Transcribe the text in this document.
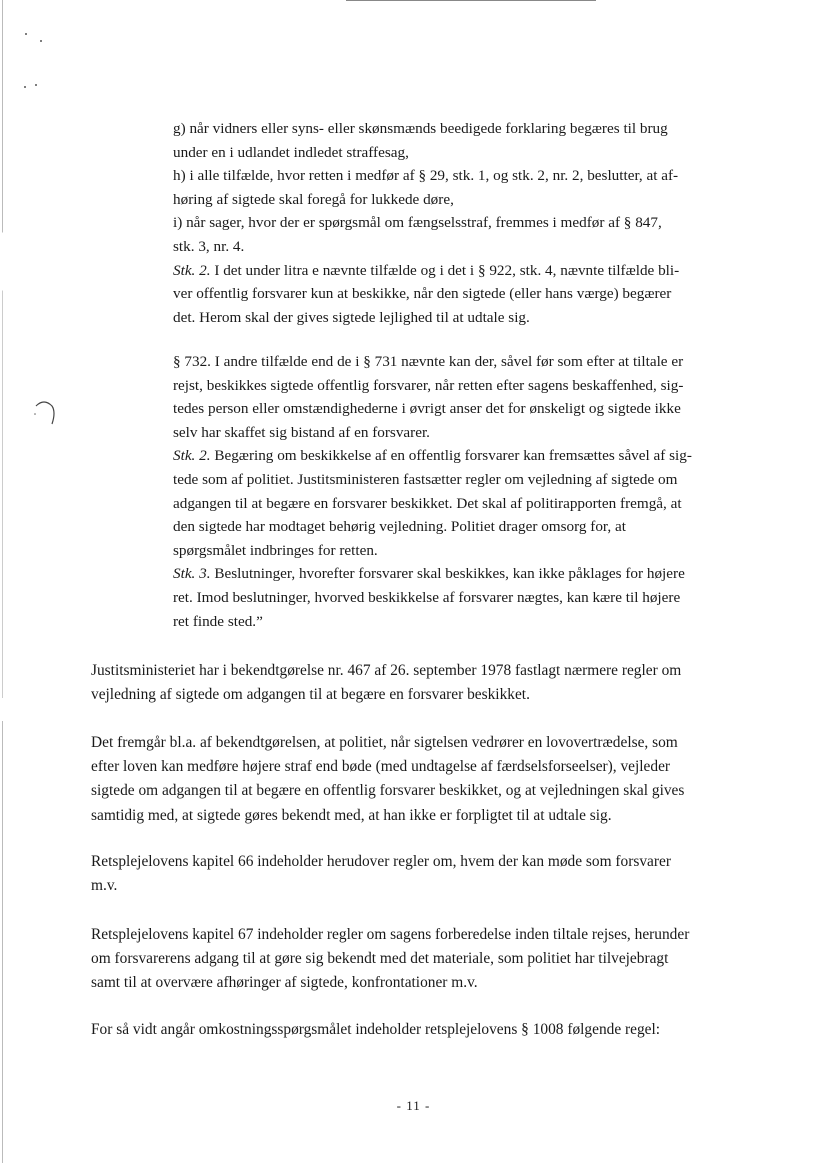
g) når vidners eller syns- eller skønsmænds beedigede forklaring begæres til brug
under en i udlandet indledet straffesag,

h) i alle tilfælde, hvor retten i medfør af § 29, stk. 1, og stk. 2, nr. 2, beslutter, at af-
høring af sigtede skal foregå for lukkede døre,

i) når sager, hvor der er spørgsmål om fængselsstraf, fremmes i medfør af § 847,
stk. 3, nr. 4.

Stk. 2. I det under litra e nævnte tilfælde og i det i § 922, stk. 4, nævnte tilfælde bli-
ver offentlig forsvarer kun at beskikke, når den sigtede (eller hans værge) begærer
det. Herom skal der gives sigtede lejlighed til at udtale sig.

§ 732. I andre tilfælde end de i § 731 nævnte kan der, såvel før som efter at tiltale er
rejst, beskikkes sigtede offentlig forsvarer, når retten efter sagens beskaffenhed, sig-
tedes person eller omstændighederne i øvrigt anser det for ønskeligt og sigtede ikke
selv har skaffet sig bistand af en forsvarer.

Stk. 2. Begæring om beskikkelse af en offentlig forsvarer kan fremsættes såvel af sig-
tede som af politiet. Justitsministeren fastsætter regler om vejledning af sigtede om
adgangen til at begære en forsvarer beskikket. Det skal af politirapporten fremgå, at
den sigtede har modtaget behørig vejledning. Politiet drager omsorg for, at
spørgsmålet indbringes for retten.

Stk. 3. Beslutninger, hvorefter forsvarer skal beskikkes, kan ikke påklages for højere
ret. Imod beslutninger, hvorved beskikkelse af forsvarer nægtes, kan kære til højere
ret finde sted.”

Justitsministeriet har i bekendtgørelse nr. 467 af 26. september 1978 fastlagt nærmere regler om
vejledning af sigtede om adgangen til at begære en forsvarer beskikket.

Det fremgår bl.a. af bekendtgørelsen, at politiet, når sigtelsen vedrører en lovovertrædelse, som
efter loven kan medføre højere straf end bøde (med undtagelse af færdselsforseelser), vejleder
sigtede om adgangen til at begære en offentlig forsvarer beskikket, og at vejledningen skal gives
samtidig med, at sigtede gøres bekendt med, at han ikke er forpligtet til at udtale sig.

Retsplejelovens kapitel 66 indeholder herudover regler om, hvem der kan møde som forsvarer
m.v.

Retsplejelovens kapitel 67 indeholder regler om sagens forberedelse inden tiltale rejses, herunder
om forsvarerens adgang til at gøre sig bekendt med det materiale, som politiet har tilvejebragt
samt til at overvære afhøringer af sigtede, konfrontationer m.v.

For så vidt angår omkostningsspørgsmålet indeholder retsplejelovens § 1008 følgende regel:

- 11 -
